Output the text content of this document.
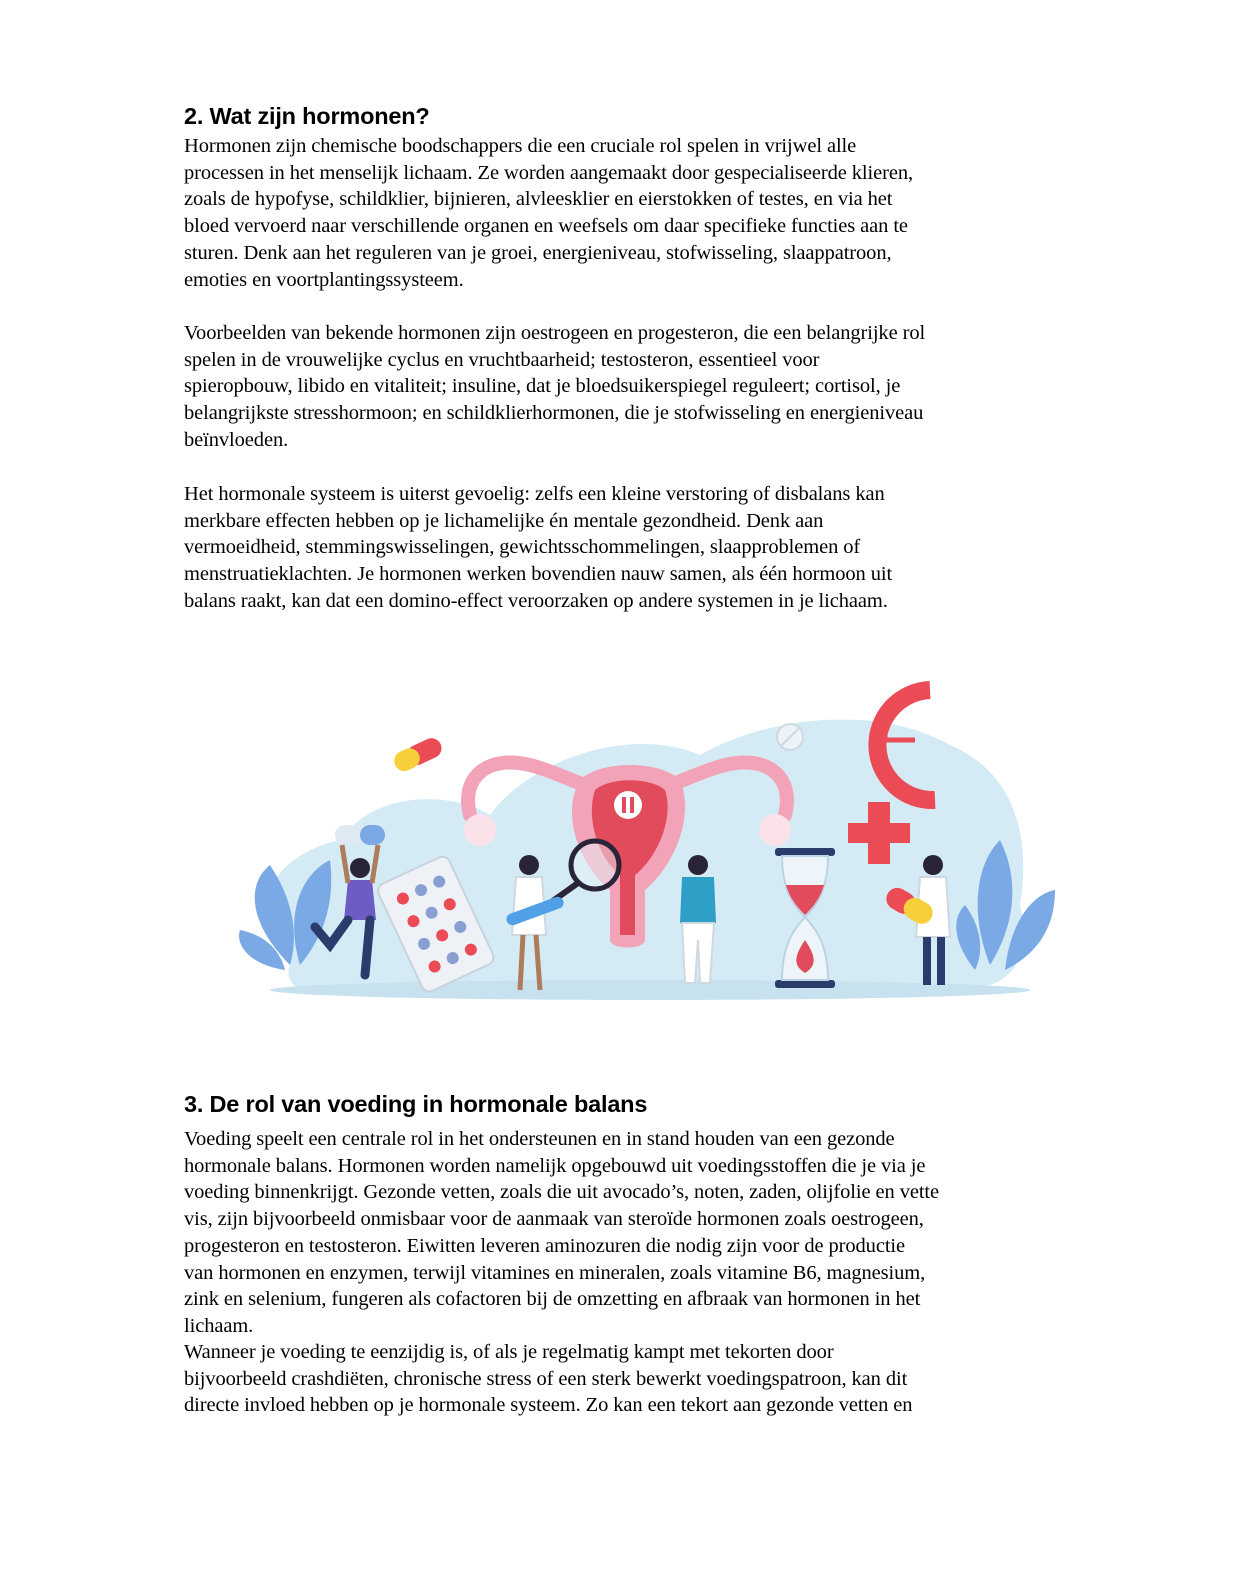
2. Wat zijn hormonen?

Hormonen zijn chemische boodschappers die een cruciale rol spelen in vrijwel alle
processen in het menselijk lichaam. Ze worden aangemaakt door gespecialiseerde klieren,
zoals de hypofyse, schildklier, bijnieren, alvleesklier en eierstokken of testes, en via het
bloed vervoerd naar verschillende organen en weefsels om daar specifieke functies aan te
sturen. Denk aan het reguleren van je groei, energieniveau, stofwisseling, slaappatroon,
emoties en voortplantingssysteem.

Voorbeelden van bekende hormonen zijn oestrogeen en progesteron, die een belangrijke rol
spelen in de vrouwelijke cyclus en vruchtbaarheid; testosteron, essentieel voor
spieropbouw, libido en vitaliteit; insuline, dat je bloedsuikerspiegel reguleert; cortisol, je
belangrijkste stresshormoon; en schildklierhormonen, die je stofwisseling en energieniveau
beïnvloeden.

Het hormonale systeem is uiterst gevoelig: zelfs een kleine verstoring of disbalans kan
merkbare effecten hebben op je lichamelijke én mentale gezondheid. Denk aan
vermoeidheid, stemmingswisselingen, gewichtsschommelingen, slaapproblemen of
menstruatieklachten. Je hormonen werken bovendien nauw samen, als één hormoon uit
balans raakt, kan dat een domino-effect veroorzaken op andere systemen in je lichaam.

3. De rol van voeding in hormonale balans

Voeding speelt een centrale rol in het ondersteunen en in stand houden van een gezonde
hormonale balans. Hormonen worden namelijk opgebouwd uit voedingsstoffen die je via je
voeding binnenkrijgt. Gezonde vetten, zoals die uit avocado’s, noten, zaden, olijfolie en vette
vis, zijn bijvoorbeeld onmisbaar voor de aanmaak van steroïde hormonen zoals oestrogeen,
progesteron en testosteron. Eiwitten leveren aminozuren die nodig zijn voor de productie
van hormonen en enzymen, terwijl vitamines en mineralen, zoals vitamine B6, magnesium,
zink en selenium, fungeren als cofactoren bij de omzetting en afbraak van hormonen in het
lichaam.

Wanneer je voeding te eenzijdig is, of als je regelmatig kampt met tekorten door
bijvoorbeeld crashdiëten, chronische stress of een sterk bewerkt voedingspatroon, kan dit
directe invloed hebben op je hormonale systeem. Zo kan een tekort aan gezonde vetten en
